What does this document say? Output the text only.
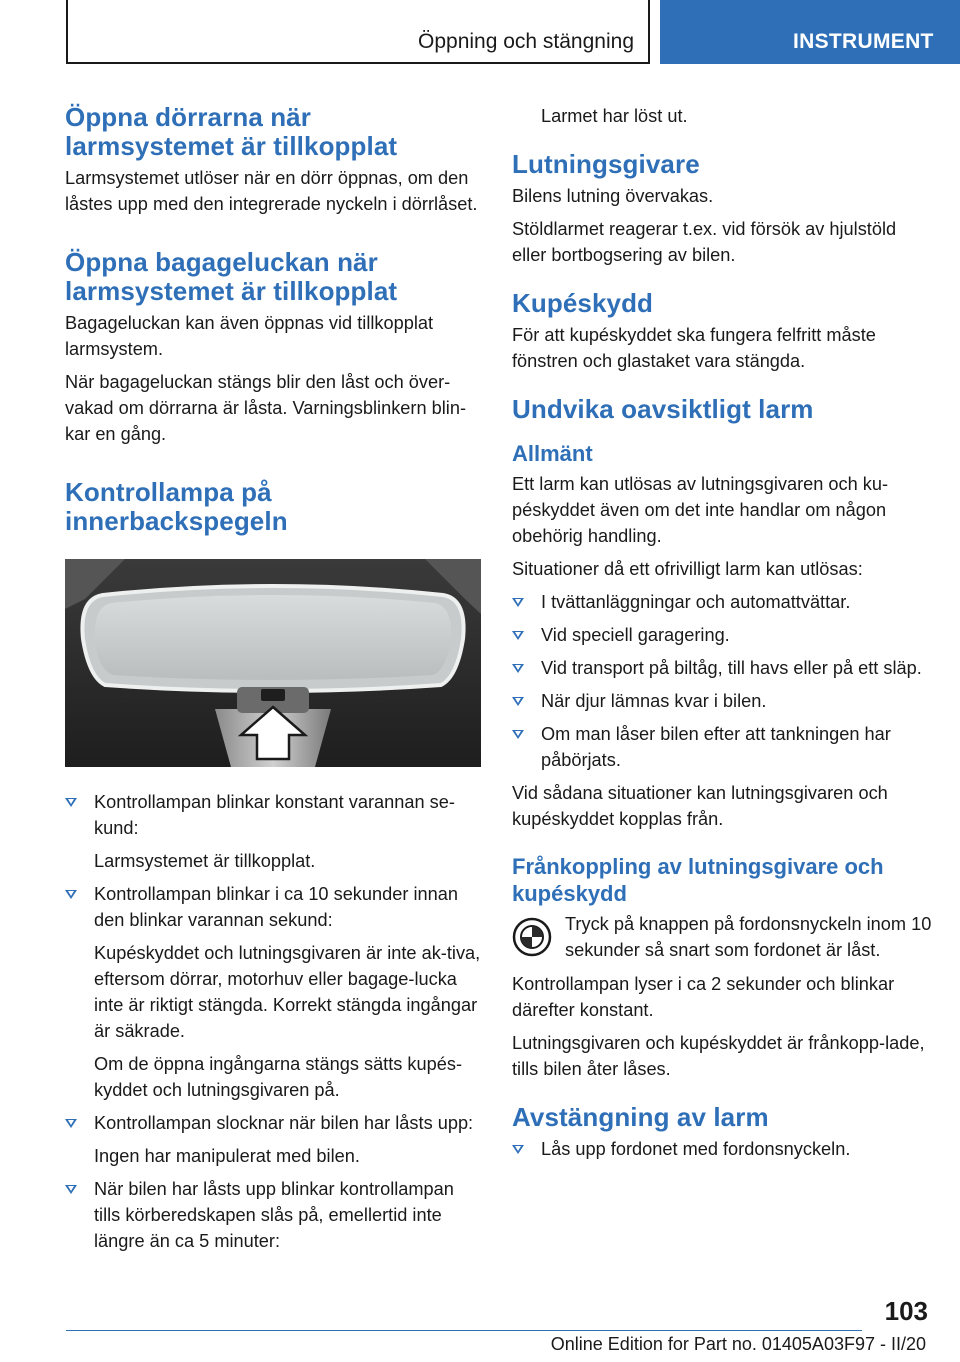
Öppning och stängning	INSTRUMENT
Öppna dörrarna när larmsystemet är tillkopplat

Larmsystemet utlöser när en dörr öppnas, om den låstes upp med den integrerade nyckeln i dörrlåset.

Öppna bagageluckan när larmsystemet är tillkopplat

Bagageluckan kan även öppnas vid tillkopplat larmsystem.

När bagageluckan stängs blir den låst och över-vakad om dörrarna är låsta. Varningsblinkern blin-kar en gång.

Kontrollampa på innerbackspegeln
Kontrollampan blinkar konstant varannan se-kund:

Larmsystemet är tillkopplat.

Kontrollampan blinkar i ca 10 sekunder innan den blinkar varannan sekund:

Kupéskyddet och lutningsgivaren är inte ak-tiva, eftersom dörrar, motorhuv eller bagage-lucka inte är riktigt stängda. Korrekt stängda ingångar är säkrade.

Om de öppna ingångarna stängs sätts kupés-kyddet och lutningsgivaren på.

Kontrollampan slocknar när bilen har låsts upp:

Ingen har manipulerat med bilen.

När bilen har låsts upp blinkar kontrollampan tills körberedskapen slås på, emellertid inte längre än ca 5 minuter:

Larmet har löst ut.

Lutningsgivare

Bilens lutning övervakas.

Stöldlarmet reagerar t.ex. vid försök av hjulstöld eller bortbogsering av bilen.

Kupéskydd

För att kupéskyddet ska fungera felfritt måste fönstren och glastaket vara stängda.

Undvika oavsiktligt larm
Allmänt

Ett larm kan utlösas av lutningsgivaren och ku-péskyddet även om det inte handlar om någon obehörig handling.

Situationer då ett ofrivilligt larm kan utlösas:

I tvättanläggningar och automattvättar.
Vid speciell garagering.
Vid transport på biltåg, till havs eller på ett släp.
När djur lämnas kvar i bilen.
Om man låser bilen efter att tankningen har påbörjats.

Vid sådana situationer kan lutningsgivaren och kupéskyddet kopplas från.

Frånkoppling av lutningsgivare och kupéskydd

Tryck på knappen på fordonsnyckeln inom 10 sekunder så snart som fordonet är låst.

Kontrollampan lyser i ca 2 sekunder och blinkar därefter konstant.

Lutningsgivaren och kupéskyddet är frånkopp-lade, tills bilen åter låses.

Avstängning av larm
Lås upp fordonet med fordonsnyckeln.
103
Online Edition for Part no. 01405A03F97 - II/20
